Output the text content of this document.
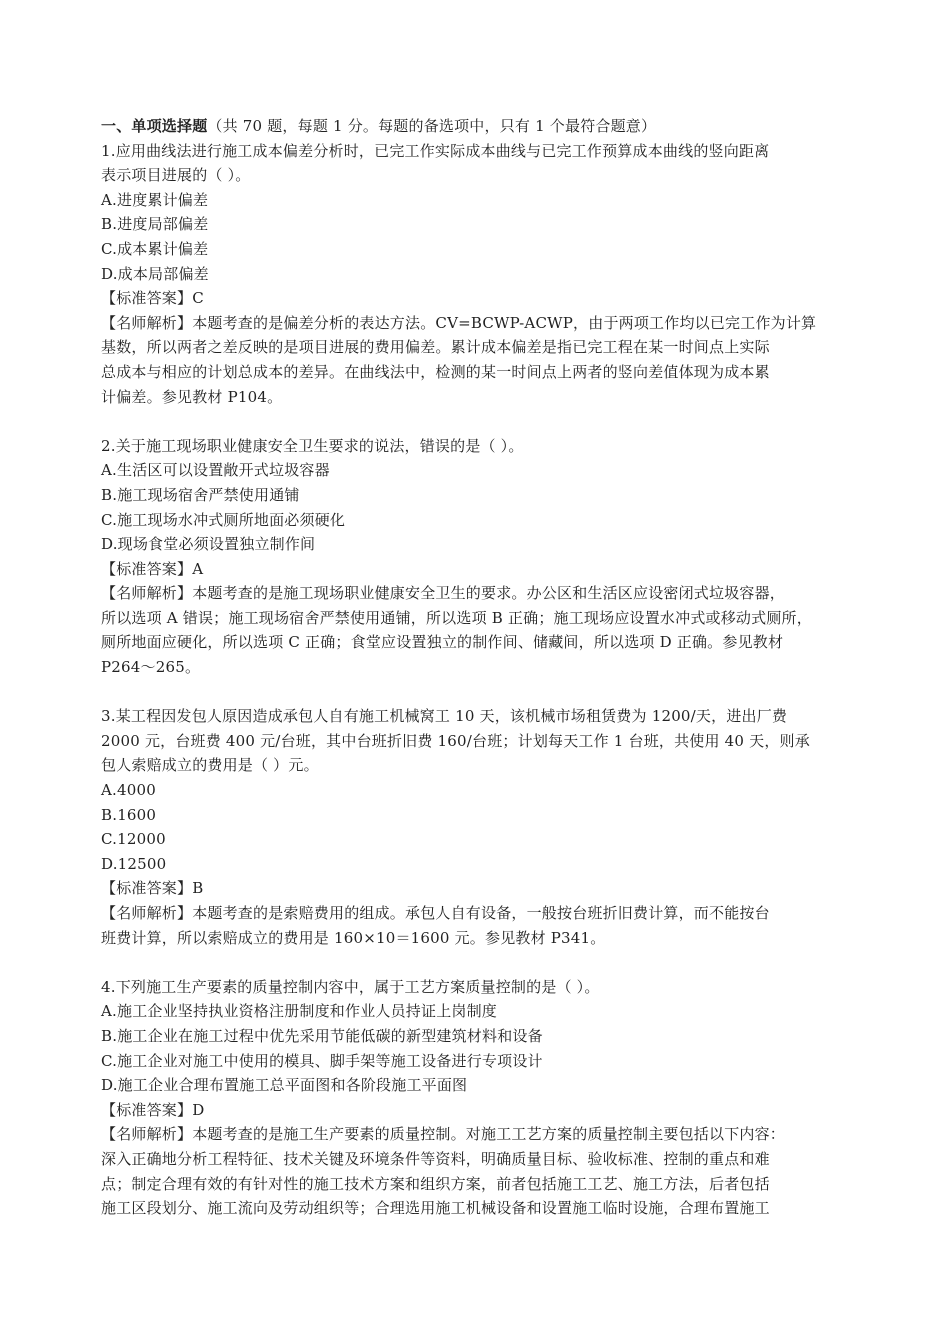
一、单项选择题（共 70 题，每题 1 分。每题的备选项中，只有 1 个最符合题意）
1.应用曲线法进行施工成本偏差分析时，已完工作实际成本曲线与已完工作预算成本曲线的竖向距离
表示项目进展的（ ）。
A.进度累计偏差
B.进度局部偏差
C.成本累计偏差
D.成本局部偏差
【标准答案】C
【名师解析】本题考查的是偏差分析的表达方法。CV=BCWP-ACWP，由于两项工作均以已完工作为计算
基数，所以两者之差反映的是项目进展的费用偏差。累计成本偏差是指已完工程在某一时间点上实际
总成本与相应的计划总成本的差异。在曲线法中，检测的某一时间点上两者的竖向差值体现为成本累
计偏差。参见教材 P104。
2.关于施工现场职业健康安全卫生要求的说法，错误的是（ ）。
A.生活区可以设置敞开式垃圾容器
B.施工现场宿舍严禁使用通铺
C.施工现场水冲式厕所地面必须硬化
D.现场食堂必须设置独立制作间
【标准答案】A
【名师解析】本题考查的是施工现场职业健康安全卫生的要求。办公区和生活区应设密闭式垃圾容器，
所以选项 A 错误；施工现场宿舍严禁使用通铺，所以选项 B 正确；施工现场应设置水冲式或移动式厕所，
厕所地面应硬化，所以选项 C 正确；食堂应设置独立的制作间、储藏间，所以选项 D 正确。参见教材
P264～265。
3.某工程因发包人原因造成承包人自有施工机械窝工 10 天，该机械市场租赁费为 1200/天，进出厂费
2000 元，台班费 400 元/台班，其中台班折旧费 160/台班；计划每天工作 1 台班，共使用 40 天，则承
包人索赔成立的费用是（ ）元。
A.4000
B.1600
C.12000
D.12500
【标准答案】B
【名师解析】本题考查的是索赔费用的组成。承包人自有设备，一般按台班折旧费计算，而不能按台
班费计算，所以索赔成立的费用是 160×10＝1600 元。参见教材 P341。
4.下列施工生产要素的质量控制内容中，属于工艺方案质量控制的是（ ）。
A.施工企业坚持执业资格注册制度和作业人员持证上岗制度
B.施工企业在施工过程中优先采用节能低碳的新型建筑材料和设备
C.施工企业对施工中使用的模具、脚手架等施工设备进行专项设计
D.施工企业合理布置施工总平面图和各阶段施工平面图
【标准答案】D
【名师解析】本题考查的是施工生产要素的质量控制。对施工工艺方案的质量控制主要包括以下内容：
深入正确地分析工程特征、技术关键及环境条件等资料，明确质量目标、验收标准、控制的重点和难
点；制定合理有效的有针对性的施工技术方案和组织方案，前者包括施工工艺、施工方法，后者包括
施工区段划分、施工流向及劳动组织等；合理选用施工机械设备和设置施工临时设施，合理布置施工
